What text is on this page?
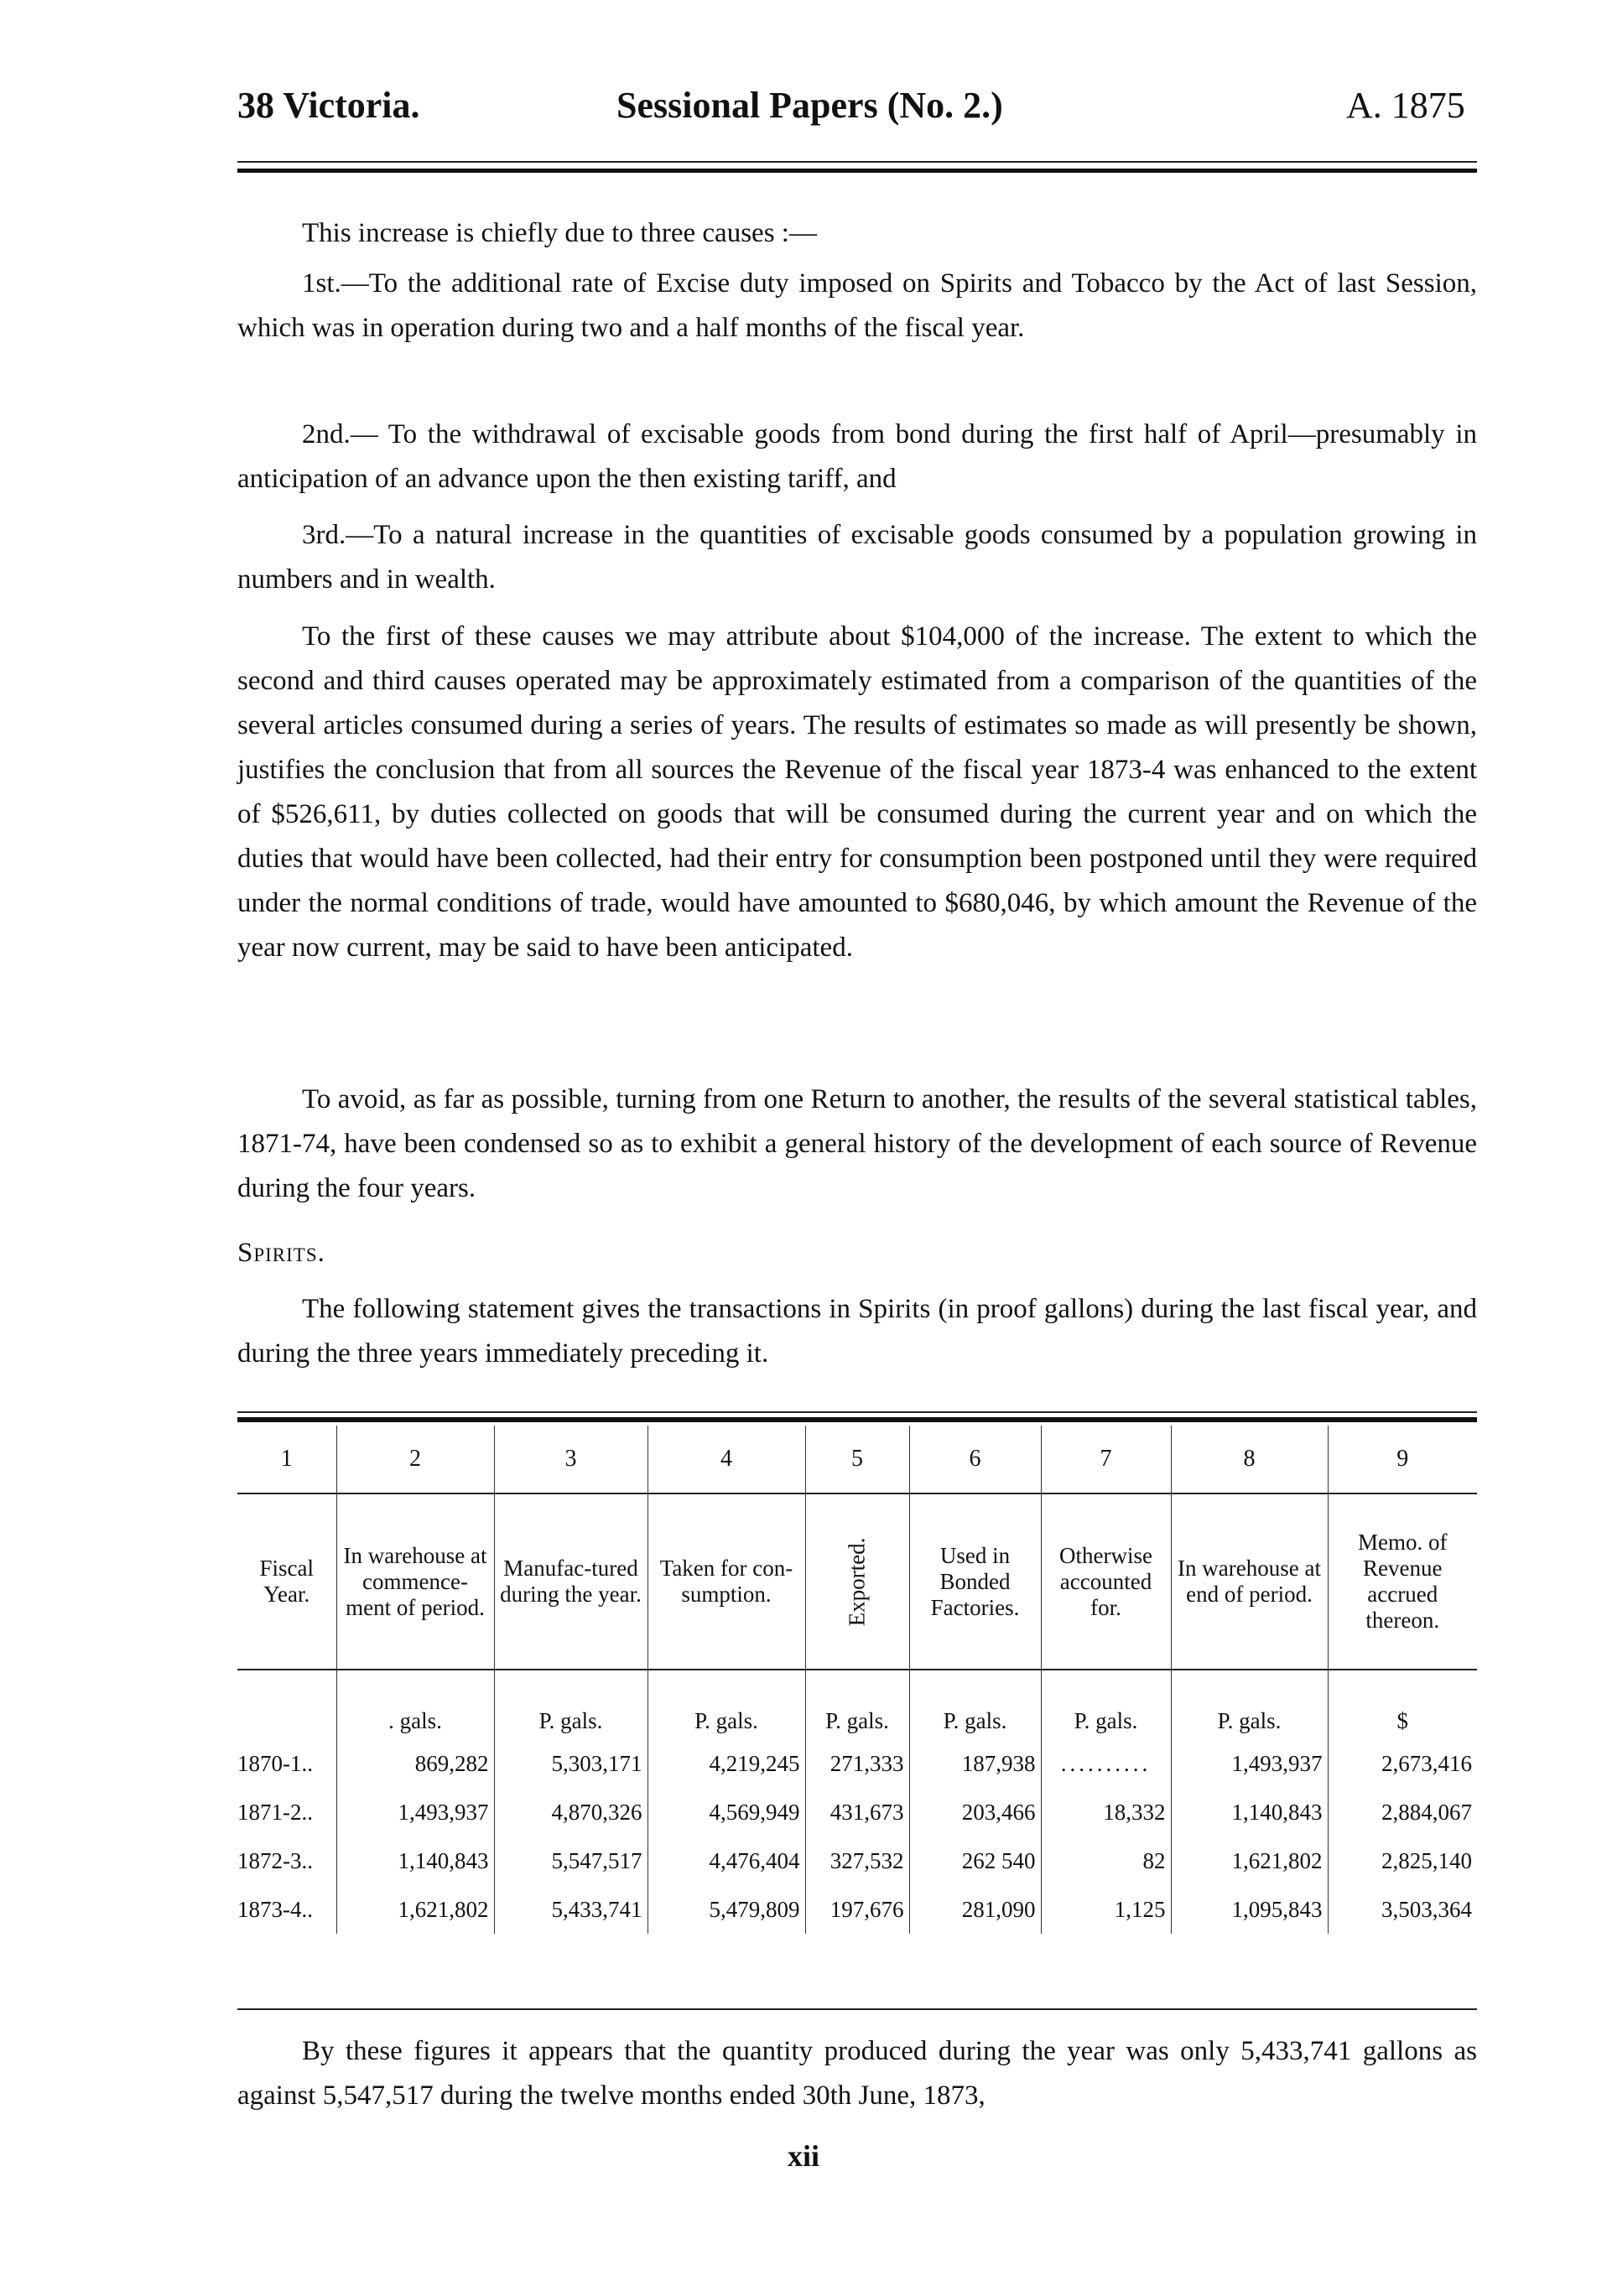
38 Victoria.	Sessional Papers (No. 2.)	A. 1875
This increase is chiefly due to three causes :—
1st.—To the additional rate of Excise duty imposed on Spirits and Tobacco by the Act of last Session, which was in operation during two and a half months of the fiscal year.
2nd.— To the withdrawal of excisable goods from bond during the first half of April—presumably in anticipation of an advance upon the then existing tariff, and
3rd.—To a natural increase in the quantities of excisable goods consumed by a population growing in numbers and in wealth.
To the first of these causes we may attribute about $104,000 of the increase. The extent to which the second and third causes operated may be approximately estimated from a comparison of the quantities of the several articles consumed during a series of years. The results of estimates so made as will presently be shown, justifies the conclusion that from all sources the Revenue of the fiscal year 1873-4 was enhanced to the extent of $526,611, by duties collected on goods that will be consumed during the current year and on which the duties that would have been collected, had their entry for consumption been postponed until they were required under the normal conditions of trade, would have amounted to $680,046, by which amount the Revenue of the year now current, may be said to have been anticipated.
To avoid, as far as possible, turning from one Return to another, the results of the several statistical tables, 1871-74, have been condensed so as to exhibit a general history of the development of each source of Revenue during the four years.
Spirits.
The following statement gives the transactions in Spirits (in proof gallons) during the last fiscal year, and during the three years immediately preceding it.
1	2	3	4	5	6	7	8	9
Fiscal Year.	In warehouse at commence-ment of period.	Manufac-tured during the year.	Taken for con-sumption.	Exported.	Used in Bonded Factories.	Otherwise accounted for.	In warehouse at end of period.	Memo. of Revenue accrued thereon.
	. gals.	P. gals.	P. gals.	P. gals.	P. gals.	P. gals.	P. gals.	$
1870-1..	869,282	5,303,171	4,219,245	271,333	187,938	..........	1,493,937	2,673,416
1871-2..	1,493,937	4,870,326	4,569,949	431,673	203,466	18,332	1,140,843	2,884,067
1872-3..	1,140,843	5,547,517	4,476,404	327,532	262 540	82	1,621,802	2,825,140
1873-4..	1,621,802	5,433,741	5,479,809	197,676	281,090	1,125	1,095,843	3,503,364
By these figures it appears that the quantity produced during the year was only 5,433,741 gallons as against 5,547,517 during the twelve months ended 30th June, 1873,
xii
